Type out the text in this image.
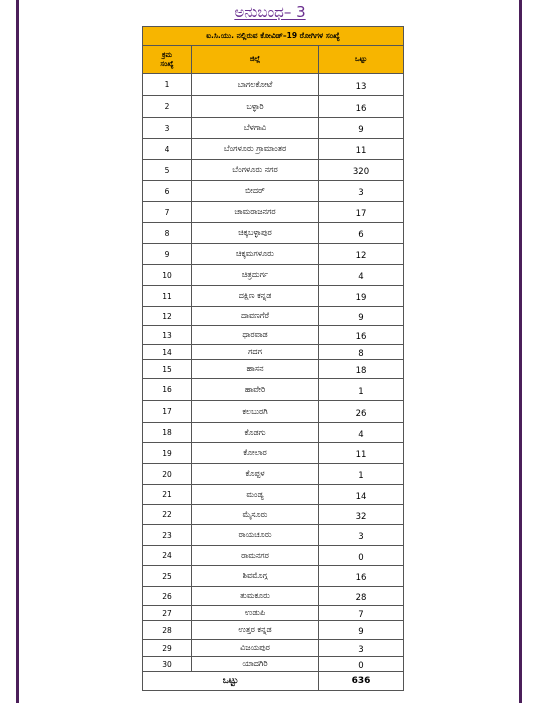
ಅನುಬಂಧ– 3
ಐ.ಸಿ.ಯು. ನಲ್ಲಿರುವ ಕೋವಿಡ್–19 ರೋಗಿಗಳ ಸಂಖ್ಯೆ		
ಕ್ರಮ
ಸಂಖ್ಯೆ	ಜಿಲ್ಲೆ	ಒಟ್ಟು
1	ಬಾಗಲಕೋಟೆ	13
2	ಬಳ್ಳಾರಿ	16
3	ಬೆಳಗಾವಿ	9
4	ಬೆಂಗಳೂರು ಗ್ರಾಮಾಂತರ	11
5	ಬೆಂಗಳೂರು ನಗರ	320
6	ಬೀದರ್	3
7	ಚಾಮರಾಜನಗರ	17
8	ಚಿಕ್ಕಬಳ್ಳಾಪುರ	6
9	ಚಿಕ್ಕಮಗಳೂರು	12
10	ಚಿತ್ರದುರ್ಗ	4
11	ದಕ್ಷಿಣ ಕನ್ನಡ	19
12	ದಾವಣಗೆರೆ	9
13	ಧಾರವಾಡ	16
14	ಗದಗ	8
15	ಹಾಸನ	18
16	ಹಾವೇರಿ	1
17	ಕಲಬುರಗಿ	26
18	ಕೊಡಗು	4
19	ಕೋಲಾರ	11
20	ಕೊಪ್ಪಳ	1
21	ಮಂಡ್ಯ	14
22	ಮೈಸೂರು	32
23	ರಾಯಚೂರು	3
24	ರಾಮನಗರ	0
25	ಶಿವಮೊಗ್ಗ	16
26	ತುಮಕೂರು	28
27	ಉಡುಪಿ	7
28	ಉತ್ತರ ಕನ್ನಡ	9
29	ವಿಜಯಪುರ	3
30	ಯಾದಗಿರಿ	0
ಒಟ್ಟು		636
